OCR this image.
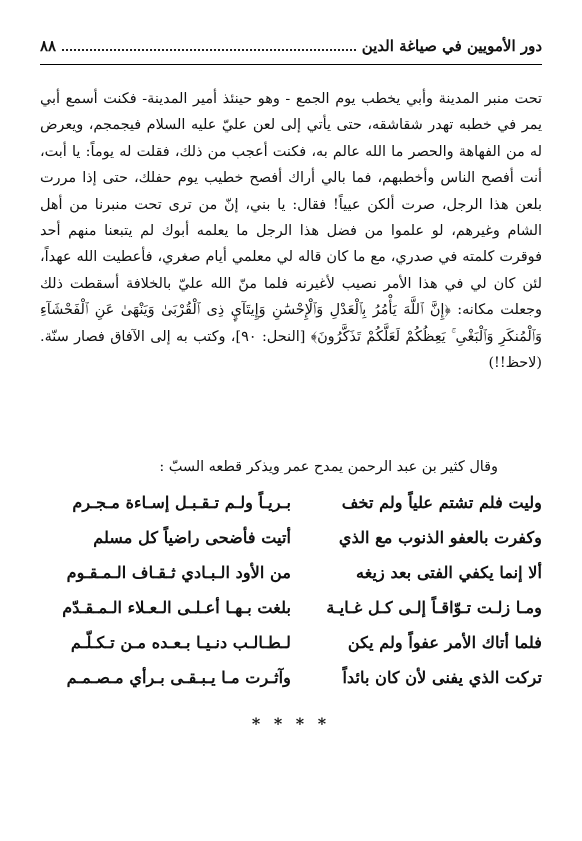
دور الأمويين في صياغة الدين
٨٨

تحت منبر المدينة وأبي يخطب يوم الجمع - وهو حينئذ أمير المدينة- فكنت أسمع أبي يمر في خطبه تهدر شقاشقه، حتى يأتي إلى لعن عليّ عليه السلام فيجمجم، ويعرض له من الفهاهة والحصر ما الله عالم به، فكنت أعجب من ذلك، فقلت له يوماً: يا أبت، أنت أفصح الناس وأخطبهم، فما بالي أراك أفصح خطيب يوم حفلك، حتى إذا مررت بلعن هذا الرجل، صرت ألكن عيياً! فقال: يا بني، إنّ من ترى تحت منبرنا من أهل الشام وغيرهم، لو علموا من فضل هذا الرجل ما يعلمه أبوك لم يتبعنا منهم أحد فوقرت كلمته في صدري، مع ما كان قاله لي معلمي أيام صغري، فأعطيت الله عهداً، لئن كان لي في هذا الأمر نصيب لأغيرنه فلما منّ الله عليّ بالخلافة أسقطت ذلك وجعلت مكانه: ﴿إِنَّ ٱللَّهَ يَأْمُرُ بِٱلْعَدْلِ وَٱلْإِحْسَٰنِ وَإِيتَآيِٕ ذِى ٱلْقُرْبَىٰ وَيَنْهَىٰ عَنِ ٱلْفَحْشَآءِ وَٱلْمُنكَرِ وَٱلْبَغْىِ ۚ يَعِظُكُمْ لَعَلَّكُمْ تَذَكَّرُونَ﴾ [النحل: ٩٠]، وكتب به إلى الآفاق فصار سنّة. (لاحظ!!)

وقال كثير بن عبد الرحمن يمدح عمر ويذكر قطعه السبّ :
وليت فلم تشتم علياً ولم تخف
بـريـاً ولـم تـقـبـل إسـاءة مـجـرم
وكفرت بالعفو الذنوب مع الذي
أتيت فأضحى راضياً كل مسلم
ألا إنما يكفي الفتى بعد زيغه
من الأود الـبـادي ثـقـاف الـمـقـوم
ومـا زلـت تـوّاقـاً إلـى كـل غـايـة
بلغت بـهـا أعـلـى الـعـلاء الـمـقـدّم
فلما أتاك الأمر عفواً ولم يكن
لـطـالـب دنـيـا بـعـده مـن تـكـلّـم
تركت الذي يفنى لأن كان بائداً
وآثـرت مـا يـبـقـى بـرأي مـصـمـم
* * * *
